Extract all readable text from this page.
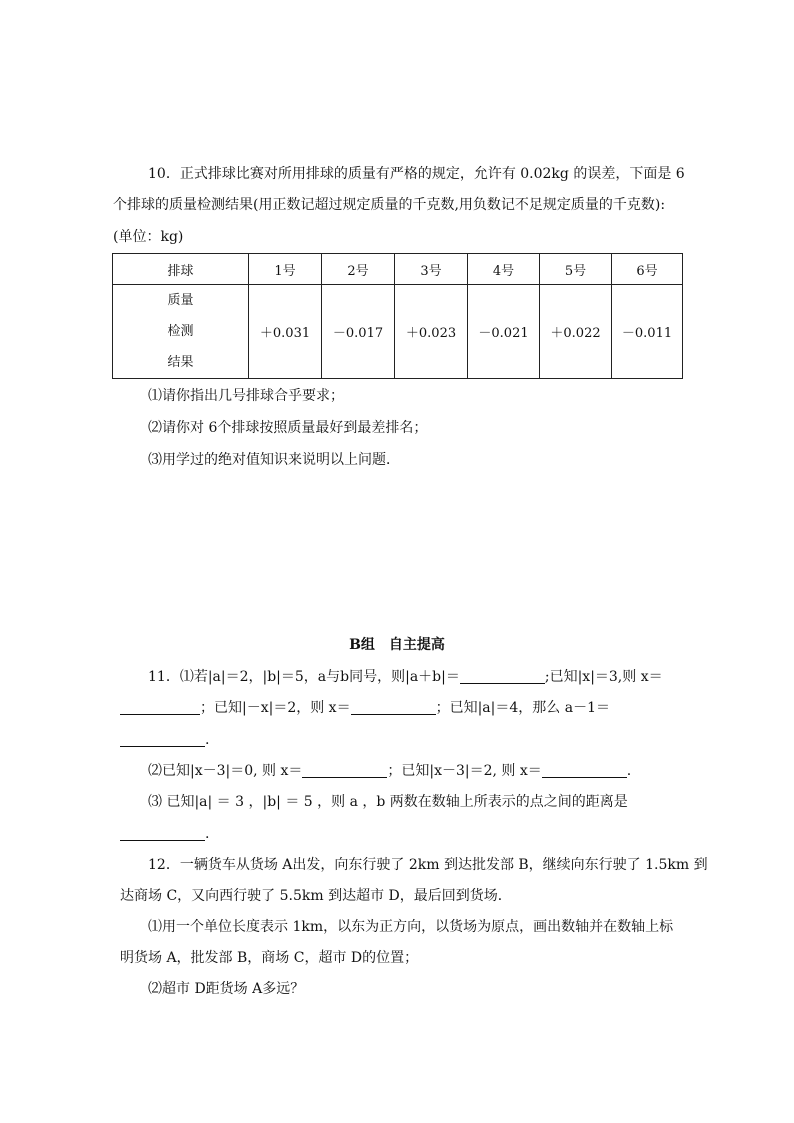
10．正式排球比赛对所用排球的质量有严格的规定，允许有 0.02kg 的误差，下面是 6
个排球的质量检测结果(用正数记超过规定质量的千克数,用负数记不足规定质量的千克数):
(单位：kg)
排球	1号	2号	3号	4号	5号	6号

质量
检测
结果	＋0.031	－0.017	＋0.023	－0.021	＋0.022	－0.011
⑴请你指出几号排球合乎要求；
⑵请你对 6个排球按照质量最好到最差排名；
⑶用学过的绝对值知识来说明以上问题．
B组　自主提高
11．⑴若|a|＝2，|b|＝5，a与b同号，则|a＋b|＝	;已知|x|＝3,则 x＝
；已知|－x|＝2，则 x＝	；已知|a|＝4，那么 a－1＝
.
⑵已知|x－3|＝0, 则 x＝	；已知|x－3|＝2, 则 x＝	.
⑶ 已知|a| ＝ 3 ，|b| ＝ 5 ，则 a ，b 两数在数轴上所表示的点之间的距离是
.
12．一辆货车从货场 A出发，向东行驶了 2km 到达批发部 B，继续向东行驶了 1.5km 到
达商场 C，又向西行驶了 5.5km 到达超市 D，最后回到货场．
⑴用一个单位长度表示 1km，以东为正方向，以货场为原点，画出数轴并在数轴上标
明货场 A，批发部 B，商场 C，超市 D的位置；
⑵超市 D距货场 A多远？
